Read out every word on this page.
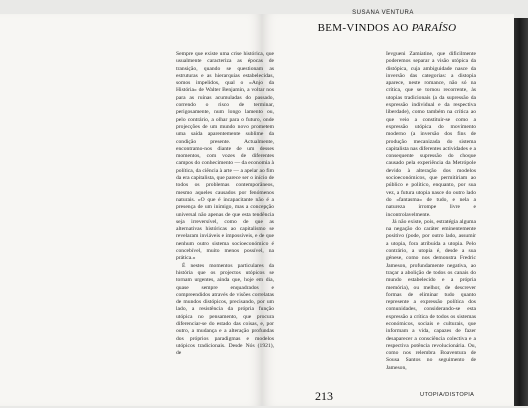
SUSANA VENTURA
BEM-VINDOS AO PARAÍSO

Sempre que existe uma crise histórica, que usualmente caracteriza as épocas de transição, quando se questionam as estruturas e as hierarquias estabelecidas, somos impelidos, qual o «Anjo da História» de Walter Benjamin, a voltar nos para as ruínas acumuladas do passado, correndo o risco de terminar, perigosamente, num longo lamento ou, pelo contrário, a olhar para o futuro, onde projecções de um mundo novo prometem uma saída aparentemente sublime da condição presente. Actualmente, encontramo-nos diante de um desses momentos, com vozes de diferentes campos do conhecimento — da economia à política, da ciência à arte — a apelar ao fim da era capitalista, que parece ser o início de todos os problemas contemporâneos, mesmo aqueles causados por fenómenos naturais. «O que é incapacitante não é a presença de um inimigo, mas a concepção universal não apenas de que esta tendência seja irreversível, como de que as alternativas históricas ao capitalismo se revelaram inviáveis e impossíveis, e de que nenhum outro sistema socioeconómico é concebível, muito menos possível, na prática.»

É nestes momentos particulares da história que os projectos utópicos se tornam urgentes, ainda que, hoje em dia, quase sempre enquadrados e compreendidos através de visões correlatas de mundos distópicos, precisando, por um lado, a resistência da própria função utópica no pensamento, que procura diferenciar-se do estado das coisas, e, por outro, a mudança e a alteração profundas dos próprios paradigmas e modelos utópicos tradicionais. Desde Nós (1921), de

Ievgueni Zamiatine, que dificilmente poderemos separar a visão utópica da distópica, cuja ambiguidade nasce da inversão das categorias: a distopia aparece, neste romance, não só na crítica, que se tornou recorrente, às utopias tradicionais (a da supressão da expressão individual e da respectiva liberdade), como também na crítica ao que veio a constituir-se como a expressão utópica do movimento moderno (a inversão dos fins de produção mecanizada do sistema capitalista nas diferentes actividades e a consequente supressão do choque causado pela experiência da Metrópole devido à alteração dos modelos socioeconómicos, que permitiriam ao público e político, enquanto, por sua vez, a futura utopia nasce do outro lado do «fantasma» de tudo, e nela a natureza irrompe livre e incontrolavelmente.

Já não existe, pois, estratégia alguma na negação do caráter eminentemente positivo (pode, por outro lado, assumir a utopia, fora atribuída a utopia. Pelo contrário, a utopia é, desde a sua génese, como nos demonstra Fredric Jameson, profundamente negativa, ao traçar a abolição de todos os canais do mundo estabelecido e a própria memória), ou melhor, de descrever formas de eliminar tudo quanto represente a expressão política dos comunidades, considerando-se esta expressão a crítica de todos os sistemas económicos, sociais e culturais, que informam a vida, capazes de fazer desaparecer a consciência colectiva e a respectiva potência revolucionária. Ou, como nos relembra Boaventura de Sousa Santos no seguimento de Jameson,

213	UTOPIA/DISTOPIA
